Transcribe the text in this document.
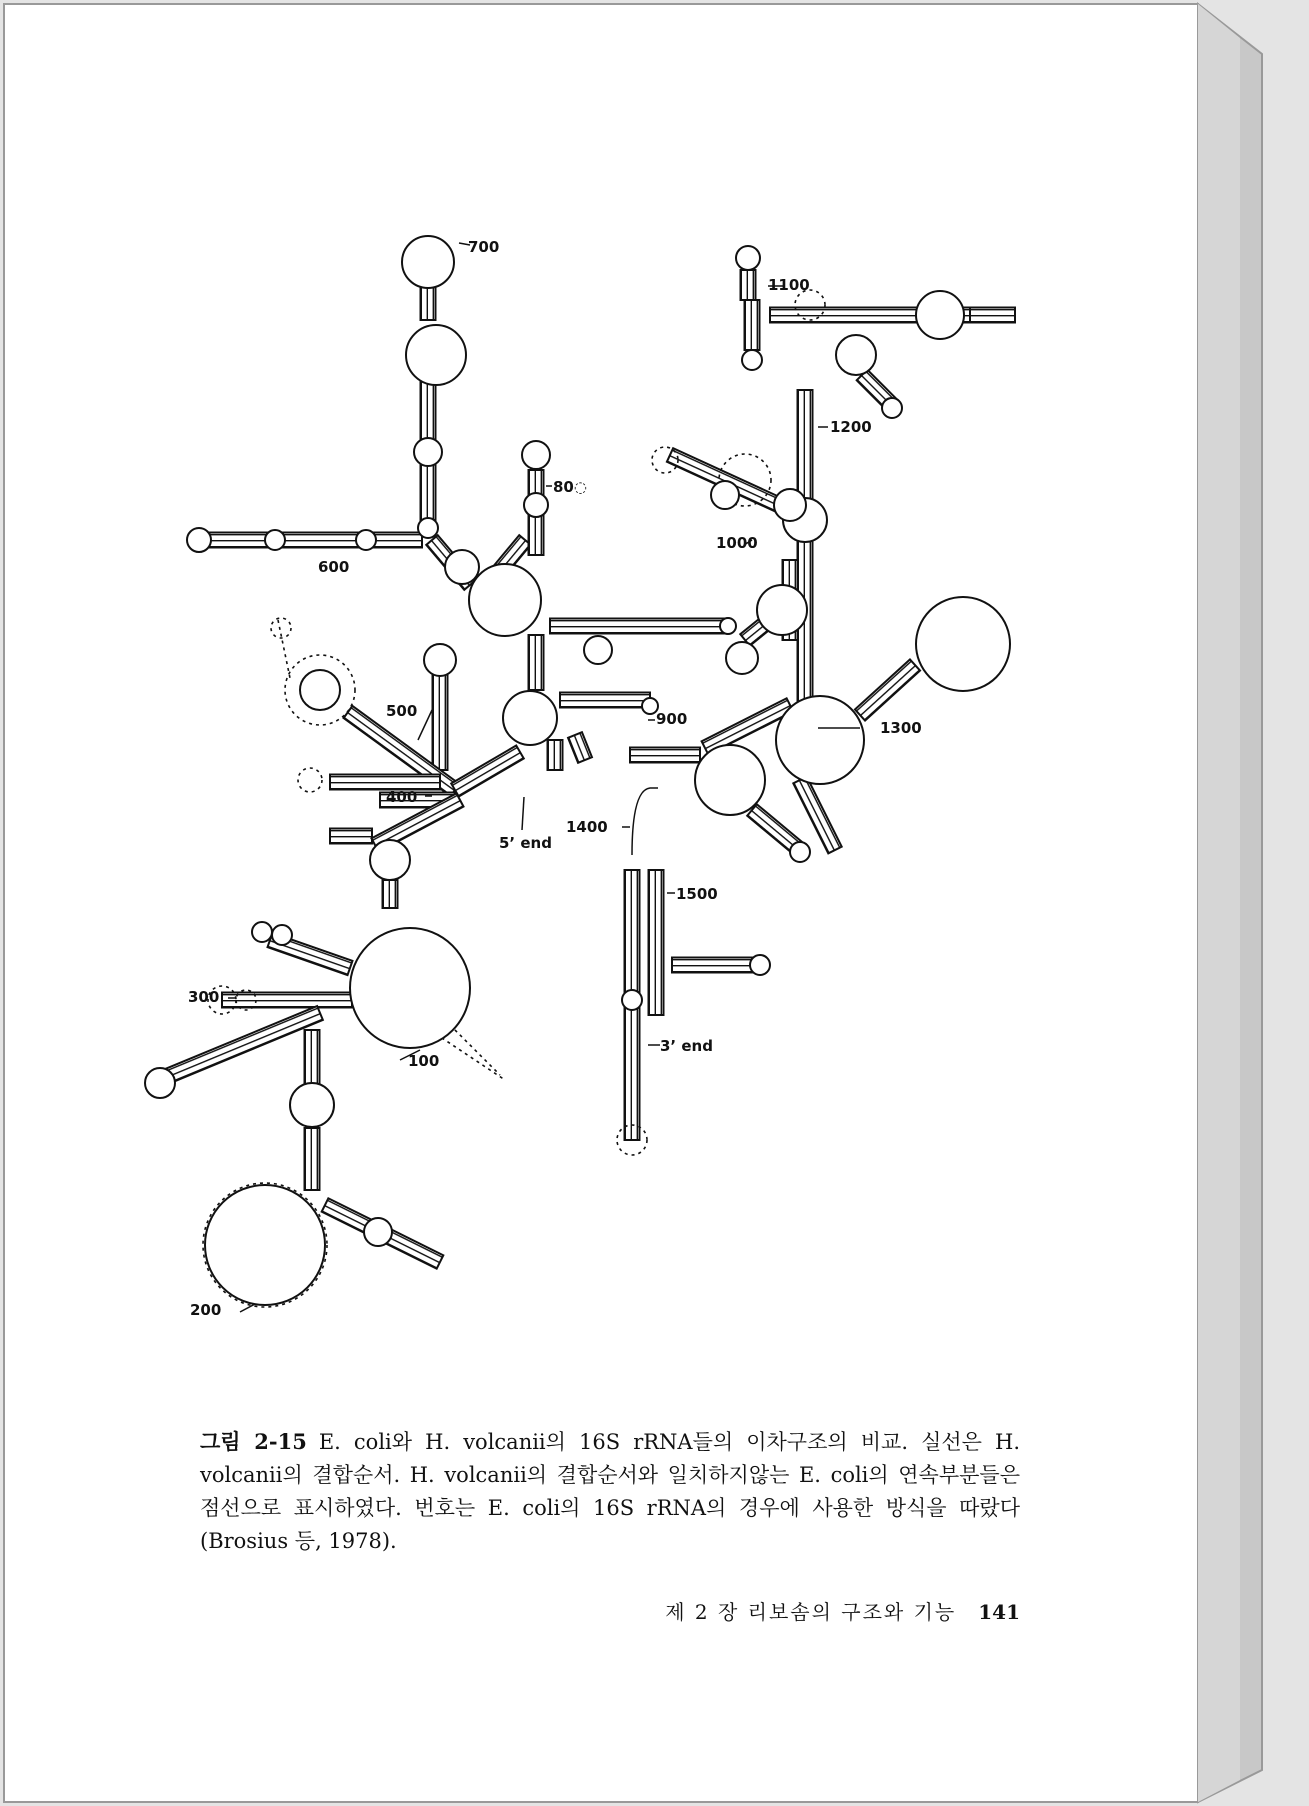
700
80◌
600
500
400
900
1000
1100
1200
1300
1400
1500
100
200
300
5’ end
3’ end
그림 2-15 E. coli와 H. volcanii의 16S rRNA들의 이차구조의 비교. 실선은 H. volcanii의 결합순서. H. volcanii의 결합순서와 일치하지않는 E. coli의 연속부분들은 점선으로 표시하였다. 번호는 E. coli의 16S rRNA의 경우에 사용한 방식을 따랐다 (Brosius 등, 1978).
제 2 장 리보솜의 구조와 기능 141
